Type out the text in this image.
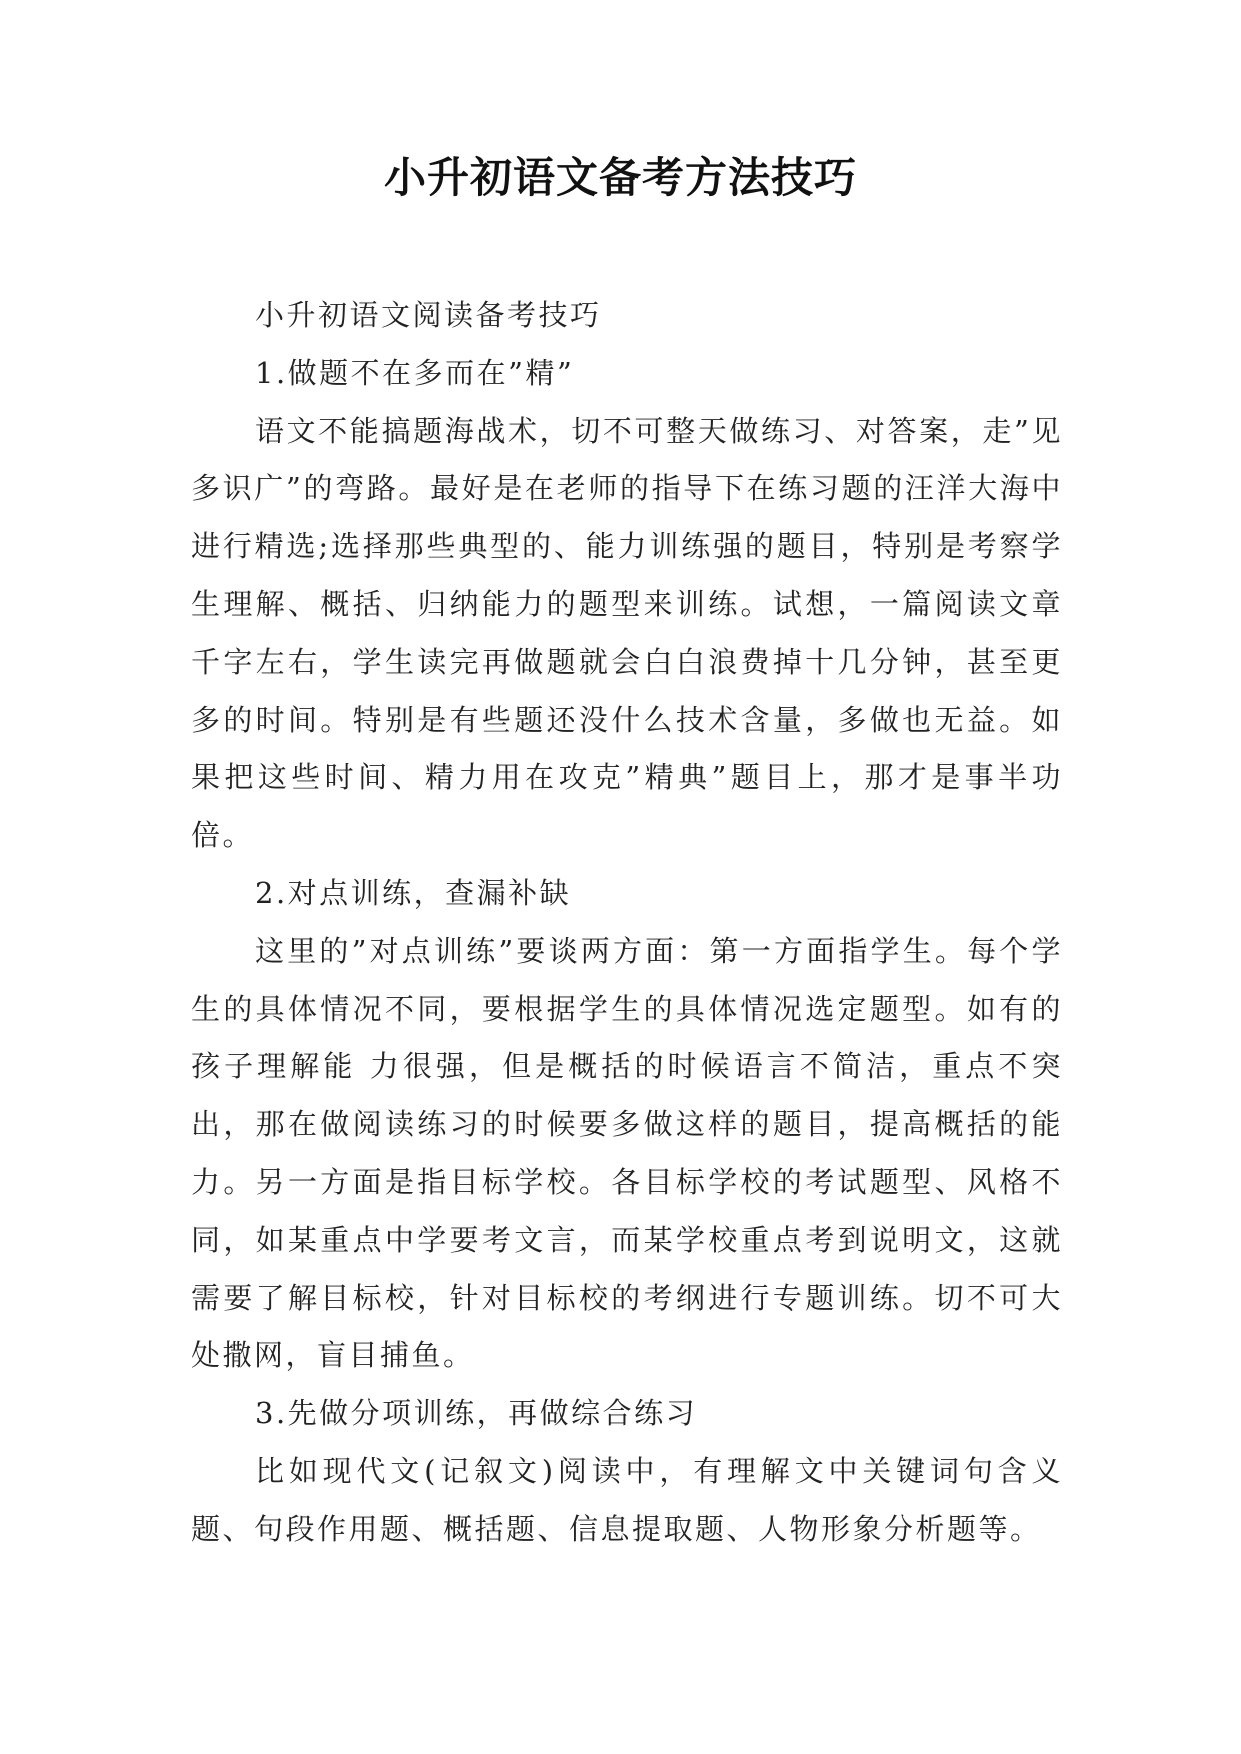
小升初语文备考方法技巧

小升初语文阅读备考技巧

1.做题不在多而在”精”

语文不能搞题海战术，切不可整天做练习、对答案，走”见多识广”的弯路。最好是在老师的指导下在练习题的汪洋大海中进行精选;选择那些典型的、能力训练强的题目，特别是考察学生理解、概括、归纳能力的题型来训练。试想，一篇阅读文章千字左右，学生读完再做题就会白白浪费掉十几分钟，甚至更多的时间。特别是有些题还没什么技术含量，多做也无益。如果把这些时间、精力用在攻克”精典”题目上，那才是事半功倍。

2.对点训练，查漏补缺

这里的”对点训练”要谈两方面：第一方面指学生。每个学生的具体情况不同，要根据学生的具体情况选定题型。如有的孩子理解能 力很强，但是概括的时候语言不简洁，重点不突出，那在做阅读练习的时候要多做这样的题目，提高概括的能力。另一方面是指目标学校。各目标学校的考试题型、风格不同，如某重点中学要考文言，而某学校重点考到说明文，这就需要了解目标校，针对目标校的考纲进行专题训练。切不可大处撒网，盲目捕鱼。

3.先做分项训练，再做综合练习

比如现代文(记叙文)阅读中，有理解文中关键词句含义题、句段作用题、概括题、信息提取题、人物形象分析题等。
